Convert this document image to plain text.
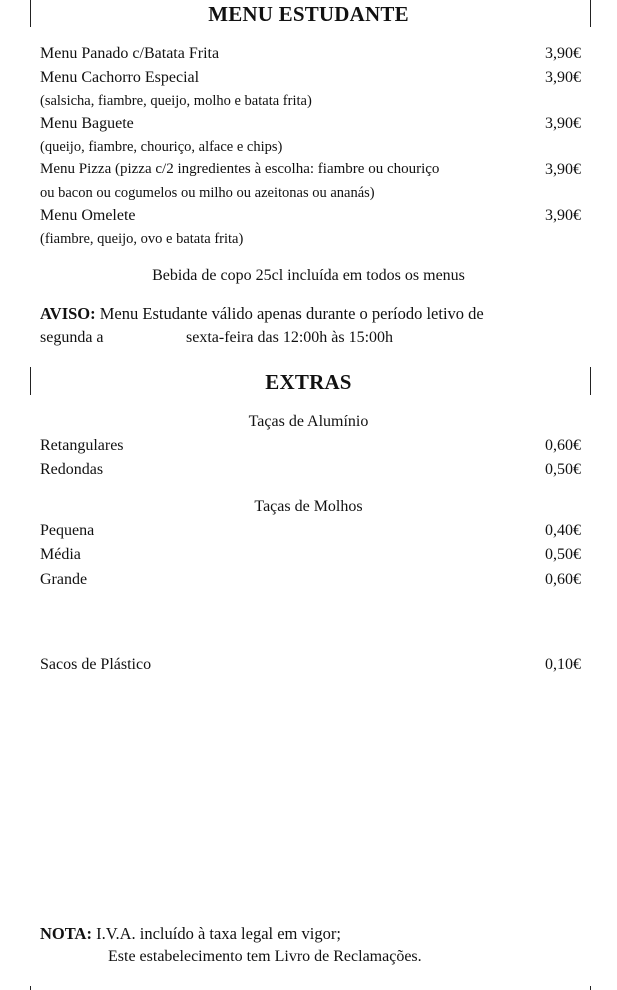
MENU ESTUDANTE
Menu Panado c/Batata Frita	3,90€
Menu Cachorro Especial	3,90€
(salsicha, fiambre, queijo, molho e batata frita)
Menu Baguete	3,90€
(queijo, fiambre, chouriço, alface e chips)
Menu Pizza (pizza c/2 ingredientes à escolha: fiambre ou chouriço	3,90€
ou bacon ou cogumelos ou milho ou azeitonas ou ananás)
Menu Omelete	3,90€
(fiambre, queijo, ovo e batata frita)
Bebida de copo 25cl incluída em todos os menus
AVISO: Menu Estudante válido apenas durante o período letivo de
segunda a	sexta-feira das 12:00h às 15:00h
EXTRAS
Taças de Alumínio
Retangulares	0,60€
Redondas	0,50€
Taças de Molhos
Pequena	0,40€
Média	0,50€
Grande	0,60€
Sacos de Plástico	0,10€
NOTA: I.V.A. incluído à taxa legal em vigor;
Este estabelecimento tem Livro de Reclamações.
